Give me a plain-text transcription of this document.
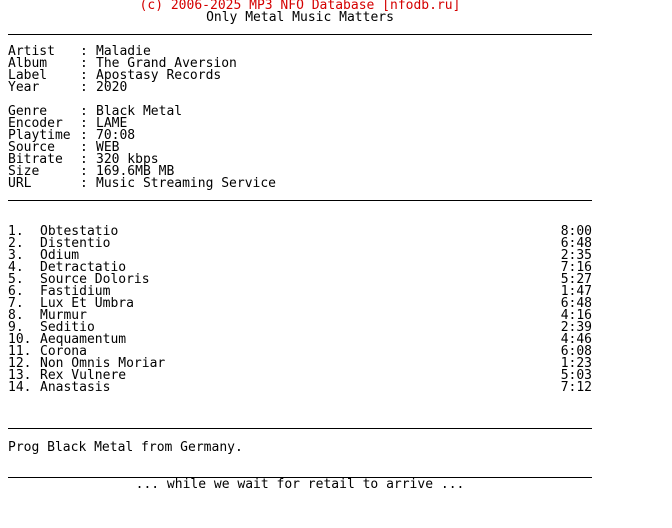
(c) 2006-2025 MP3 NFO Database [nfodb.ru]
Only Metal Music Matters
Artist	: Maladie
Album	: The Grand Aversion
Label	: Apostasy Records
Year	: 2020
Genre	: Black Metal
Encoder	: LAME
Playtime : 70:08
Source	: WEB
Bitrate	: 320 kbps
Size	: 169.6MB MB
URL	: Music Streaming Service
1.	Obtestatio	8:00
2.	Distentio	6:48
3.	Odium	2:35
4.	Detractatio	7:16
5.	Source Doloris	5:27
6.	Fastidium	1:47
7.	Lux Et Umbra	6:48
8.	Murmur	4:16
9.	Seditio	2:39
10. Aequamentum	4:46
11. Corona	6:08
12. Non Omnis Moriar	1:23
13. Rex Vulnere	5:03
14. Anastasis	7:12
Prog Black Metal from Germany.
... while we wait for retail to arrive ...
